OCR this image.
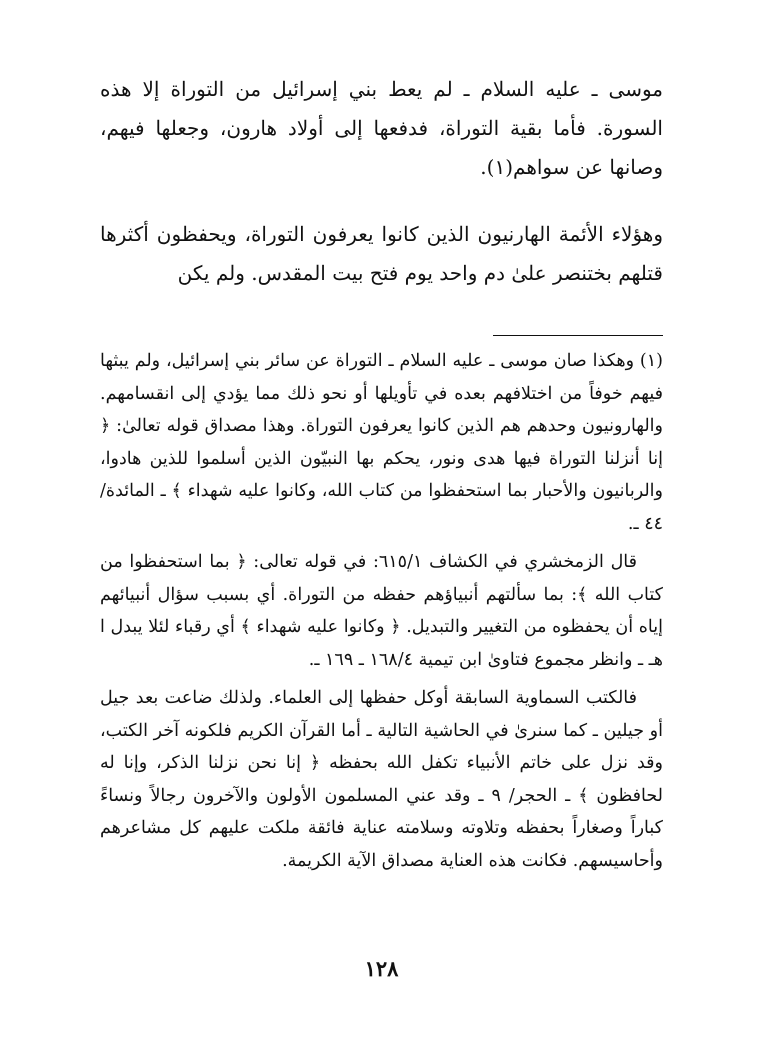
موسى ـ عليه السلام ـ لم يعط بني إسرائيل من التوراة إلا هذه السورة. فأما بقية التوراة، فدفعها إلى أولاد هارون، وجعلها فيهم، وصانها عن سواهم(١).

وهؤلاء الأئمة الهارنيون الذين كانوا يعرفون التوراة، ويحفظون أكثرها قتلهم بختنصر علىٰ دم واحد يوم فتح بيت المقدس. ولم يكن

(١) وهكذا صان موسى ـ عليه السلام ـ التوراة عن سائر بني إسرائيل، ولم يبثها فيهم خوفاً من اختلافهم بعده في تأويلها أو نحو ذلك مما يؤدي إلى انقسامهم. والهارونيون وحدهم هم الذين كانوا يعرفون التوراة. وهذا مصداق قوله تعالىٰ: ﴿ إنا أنزلنا التوراة فيها هدى ونور، يحكم بها النبيّون الذين أسلموا للذين هادوا، والربانيون والأحبار بما استحفظوا من كتاب الله، وكانوا عليه شهداء ﴾ ـ المائدة/٤٤ ـ.

قال الزمخشري في الكشاف ٦١٥/١: في قوله تعالى: ﴿ بما استحفظوا من كتاب الله ﴾: بما سألتهم أنبياؤهم حفظه من التوراة. أي بسبب سؤال أنبيائهم إياه أن يحفظوه من التغيير والتبديل. ﴿ وكانوا عليه شهداء ﴾ أي رقباء لئلا يبدل ا هـ ـ وانظر مجموع فتاوىٰ ابن تيمية ١٦٨/٤ ـ ١٦٩ ـ.

فالكتب السماوية السابقة أوكل حفظها إلى العلماء. ولذلك ضاعت بعد جيل أو جيلين ـ كما سنرىٰ في الحاشية التالية ـ أما القرآن الكريم فلكونه آخر الكتب، وقد نزل على خاتم الأنبياء تكفل الله بحفظه ﴿ إنا نحن نزلنا الذكر، وإنا له لحافظون ﴾ ـ الحجر/ ٩ ـ وقد عني المسلمون الأولون والآخرون رجالاً ونساءً كباراً وصغاراً بحفظه وتلاوته وسلامته عناية فائقة ملكت عليهم كل مشاعرهم وأحاسيسهم. فكانت هذه العناية مصداق الآية الكريمة.

١٢٨
